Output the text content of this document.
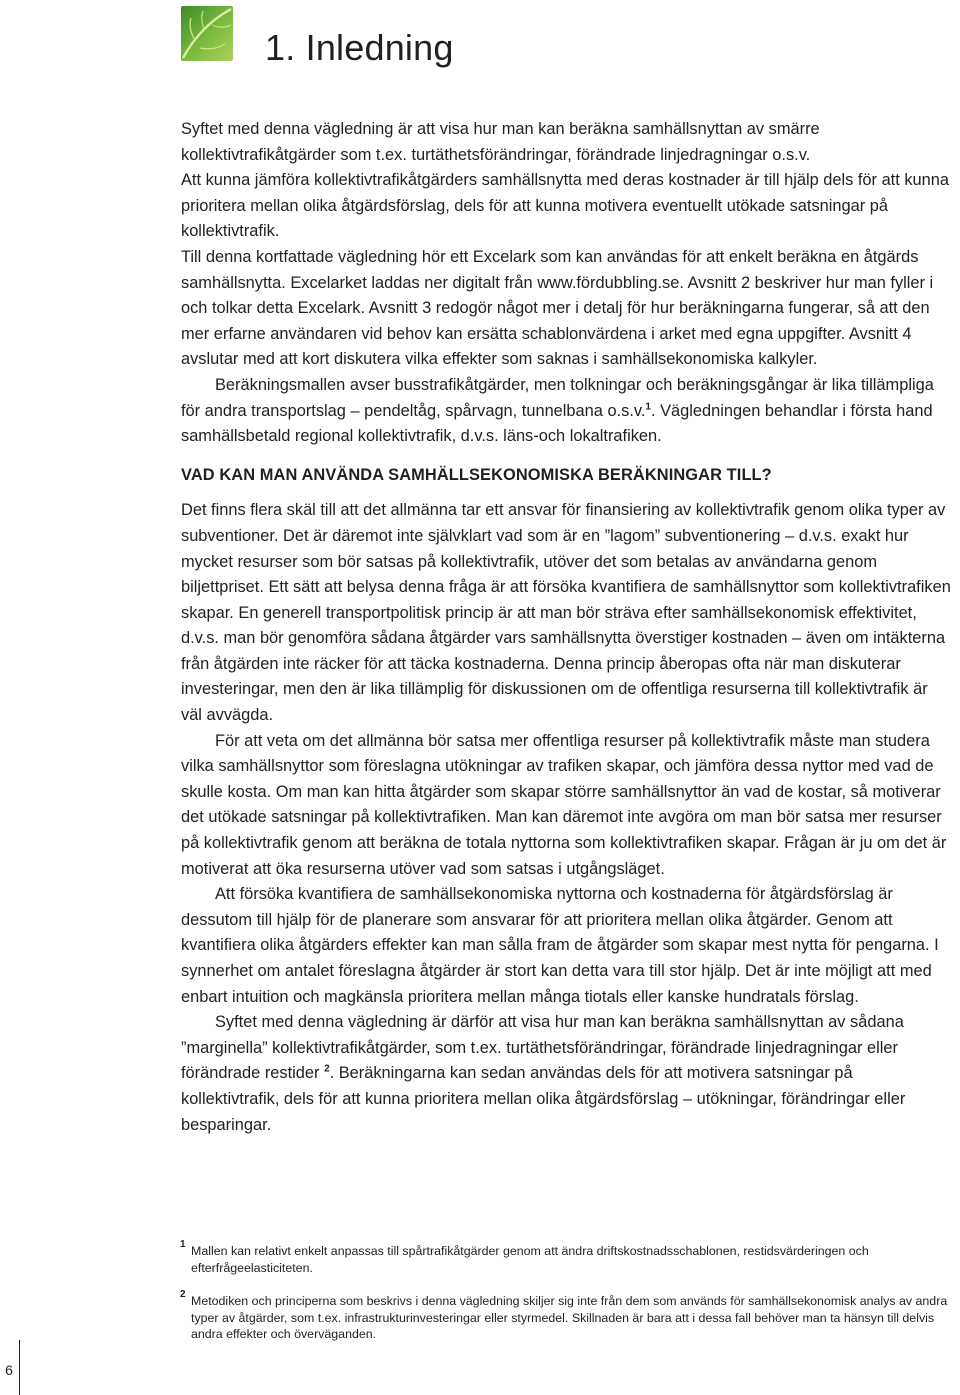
1. Inledning

Syftet med denna vägledning är att visa hur man kan beräkna samhällsnyttan av smärre kollektivtrafikåtgärder som t.ex. turtäthetsförändringar, förändrade linjedragningar o.s.v.

Att kunna jämföra kollektivtrafikåtgärders samhällsnytta med deras kostnader är till hjälp dels för att kunna prioritera mellan olika åtgärdsförslag, dels för att kunna motivera eventuellt utökade satsningar på kollektivtrafik.

Till denna kortfattade vägledning hör ett Excelark som kan användas för att enkelt beräkna en åtgärds samhällsnytta. Excelarket laddas ner digitalt från www.fördubbling.se. Avsnitt 2 beskriver hur man fyller i och tolkar detta Excelark. Avsnitt 3 redogör något mer i detalj för hur beräkningarna fungerar, så att den mer erfarne användaren vid behov kan ersätta schablonvärdena i arket med egna uppgifter. Avsnitt 4 avslutar med att kort diskutera vilka effekter som saknas i samhällsekonomiska kalkyler.

Beräkningsmallen avser busstrafikåtgärder, men tolkningar och beräkningsgångar är lika tillämpliga för andra transportslag – pendeltåg, spårvagn, tunnelbana o.s.v.$^1$. Vägledningen behandlar i första hand samhällsbetald regional kollektivtrafik, d.v.s. läns-och lokaltrafiken.

VAD KAN MAN ANVÄNDA SAMHÄLLSEKONOMISKA BERÄKNINGAR TILL?

Det finns flera skäl till att det allmänna tar ett ansvar för finansiering av kollektivtrafik genom olika typer av subventioner. Det är däremot inte självklart vad som är en ”lagom” subventionering – d.v.s. exakt hur mycket resurser som bör satsas på kollektivtrafik, utöver det som betalas av användarna genom biljettpriset. Ett sätt att belysa denna fråga är att försöka kvantifiera de samhällsnyttor som kollektivtrafiken skapar. En generell transportpolitisk princip är att man bör sträva efter samhällsekonomisk effektivitet, d.v.s. man bör genomföra sådana åtgärder vars samhällsnytta överstiger kostnaden – även om intäkterna från åtgärden inte räcker för att täcka kostnaderna. Denna princip åberopas ofta när man diskuterar investeringar, men den är lika tillämplig för diskussionen om de offentliga resurserna till kollektivtrafik är väl avvägda.

För att veta om det allmänna bör satsa mer offentliga resurser på kollektivtrafik måste man studera vilka samhällsnyttor som föreslagna utökningar av trafiken skapar, och jämföra dessa nyttor med vad de skulle kosta. Om man kan hitta åtgärder som skapar större samhällsnyttor än vad de kostar, så motiverar det utökade satsningar på kollektivtrafiken. Man kan däremot inte avgöra om man bör satsa mer resurser på kollektivtrafik genom att beräkna de totala nyttorna som kollektivtrafiken skapar. Frågan är ju om det är motiverat att öka resurserna utöver vad som satsas i utgångsläget.

Att försöka kvantifiera de samhällsekonomiska nyttorna och kostnaderna för åtgärdsförslag är dessutom till hjälp för de planerare som ansvarar för att prioritera mellan olika åtgärder. Genom att kvantifiera olika åtgärders effekter kan man sålla fram de åtgärder som skapar mest nytta för pengarna. I synnerhet om antalet föreslagna åtgärder är stort kan detta vara till stor hjälp. Det är inte möjligt att med enbart intuition och magkänsla prioritera mellan många tiotals eller kanske hundratals förslag.

Syftet med denna vägledning är därför att visa hur man kan beräkna samhällsnyttan av sådana ”marginella” kollektivtrafikåtgärder, som t.ex. turtäthetsförändringar, förändrade linjedragningar eller förändrade restider $^2$. Beräkningarna kan sedan användas dels för att motivera satsningar på kollektivtrafik, dels för att kunna prioritera mellan olika åtgärdsförslag – utökningar, förändringar eller besparingar.

1 Mallen kan relativt enkelt anpassas till spårtrafikåtgärder genom att ändra driftskostnadsschablonen, restidsvärderingen och efterfrågeelasticiteten.
2 Metodiken och principerna som beskrivs i denna vägledning skiljer sig inte från dem som används för samhällsekonomisk analys av andra typer av åtgärder, som t.ex. infrastrukturinvesteringar eller styrmedel. Skillnaden är bara att i dessa fall behöver man ta hänsyn till delvis andra effekter och överväganden.
6
